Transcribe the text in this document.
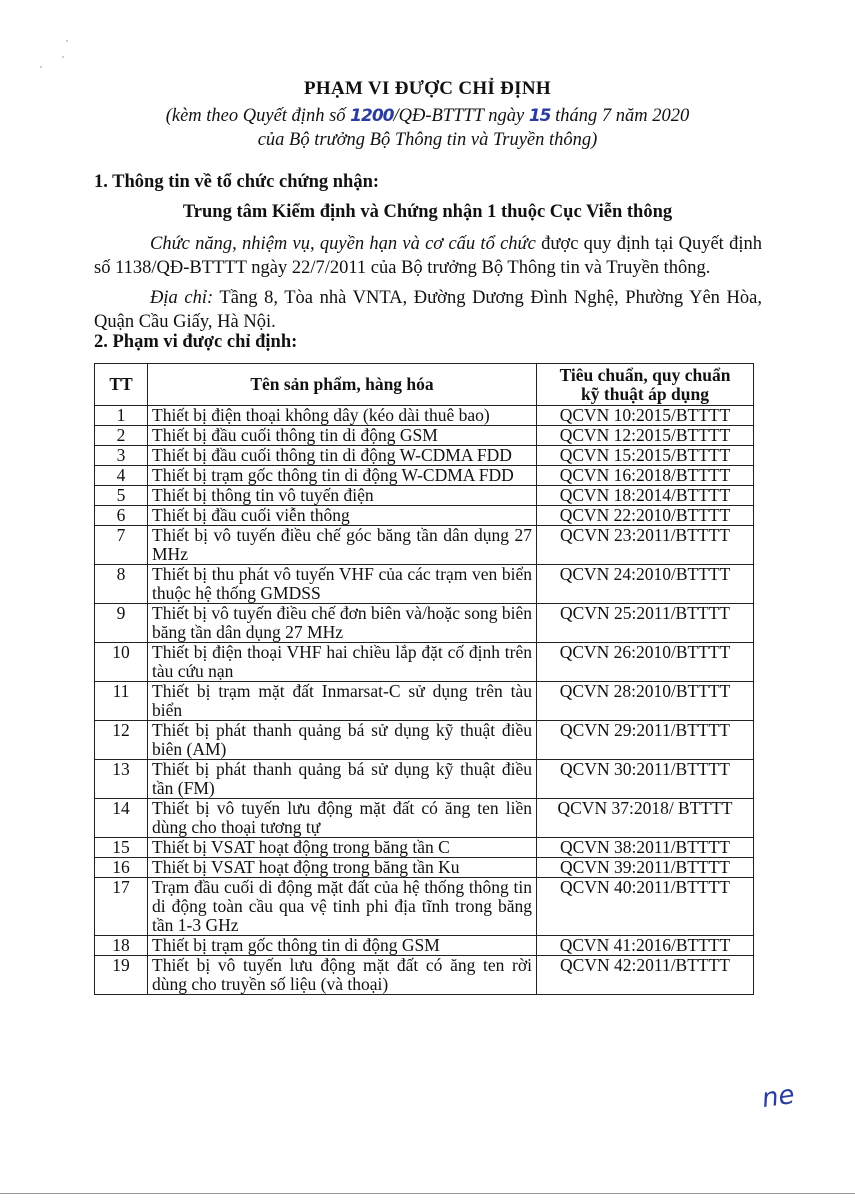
PHẠM VI ĐƯỢC CHỈ ĐỊNH
(kèm theo Quyết định số 1200/QĐ-BTTTT ngày 15 tháng 7 năm 2020
của Bộ trưởng Bộ Thông tin và Truyền thông)
1. Thông tin về tổ chức chứng nhận:
Trung tâm Kiểm định và Chứng nhận 1 thuộc Cục Viễn thông
Chức năng, nhiệm vụ, quyền hạn và cơ cấu tổ chức được quy định tại Quyết định số 1138/QĐ-BTTTT ngày 22/7/2011 của Bộ trưởng Bộ Thông tin và Truyền thông.
Địa chỉ: Tầng 8, Tòa nhà VNTA, Đường Dương Đình Nghệ, Phường Yên Hòa, Quận Cầu Giấy, Hà Nội.
2. Phạm vi được chỉ định:
TT	Tên sản phẩm, hàng hóa	Tiêu chuẩn, quy chuẩn
kỹ thuật áp dụng

1	Thiết bị điện thoại không dây (kéo dài thuê bao)	QCVN 10:2015/BTTTT
2	Thiết bị đầu cuối thông tin di động GSM	QCVN 12:2015/BTTTT
3	Thiết bị đầu cuối thông tin di động W-CDMA FDD	QCVN 15:2015/BTTTT
4	Thiết bị trạm gốc thông tin di động W-CDMA FDD	QCVN 16:2018/BTTTT
5	Thiết bị thông tin vô tuyến điện	QCVN 18:2014/BTTTT
6	Thiết bị đầu cuối viễn thông	QCVN 22:2010/BTTTT
7	Thiết bị vô tuyến điều chế góc băng tần dân dụng 27 MHz	QCVN 23:2011/BTTTT
8	Thiết bị thu phát vô tuyến VHF của các trạm ven biển thuộc hệ thống GMDSS	QCVN 24:2010/BTTTT
9	Thiết bị vô tuyến điều chế đơn biên và/hoặc song biên băng tần dân dụng 27 MHz	QCVN 25:2011/BTTTT
10	Thiết bị điện thoại VHF hai chiều lắp đặt cố định trên tàu cứu nạn	QCVN 26:2010/BTTTT
11	Thiết bị trạm mặt đất Inmarsat-C sử dụng trên tàu biển	QCVN 28:2010/BTTTT
12	Thiết bị phát thanh quảng bá sử dụng kỹ thuật điều biên (AM)	QCVN 29:2011/BTTTT
13	Thiết bị phát thanh quảng bá sử dụng kỹ thuật điều tần (FM)	QCVN 30:2011/BTTTT
14	Thiết bị vô tuyến lưu động mặt đất có ăng ten liền dùng cho thoại tương tự	QCVN 37:2018/ BTTTT
15	Thiết bị VSAT hoạt động trong băng tần C	QCVN 38:2011/BTTTT
16	Thiết bị VSAT hoạt động trong băng tần Ku	QCVN 39:2011/BTTTT
17	Trạm đầu cuối di động mặt đất của hệ thống thông tin di động toàn cầu qua vệ tinh phi địa tĩnh trong băng tần 1-3 GHz	QCVN 40:2011/BTTTT
18	Thiết bị trạm gốc thông tin di động GSM	QCVN 41:2016/BTTTT
19	Thiết bị vô tuyến lưu động mặt đất có ăng ten rời dùng cho truyền số liệu (và thoại)	QCVN 42:2011/BTTTT
ne
